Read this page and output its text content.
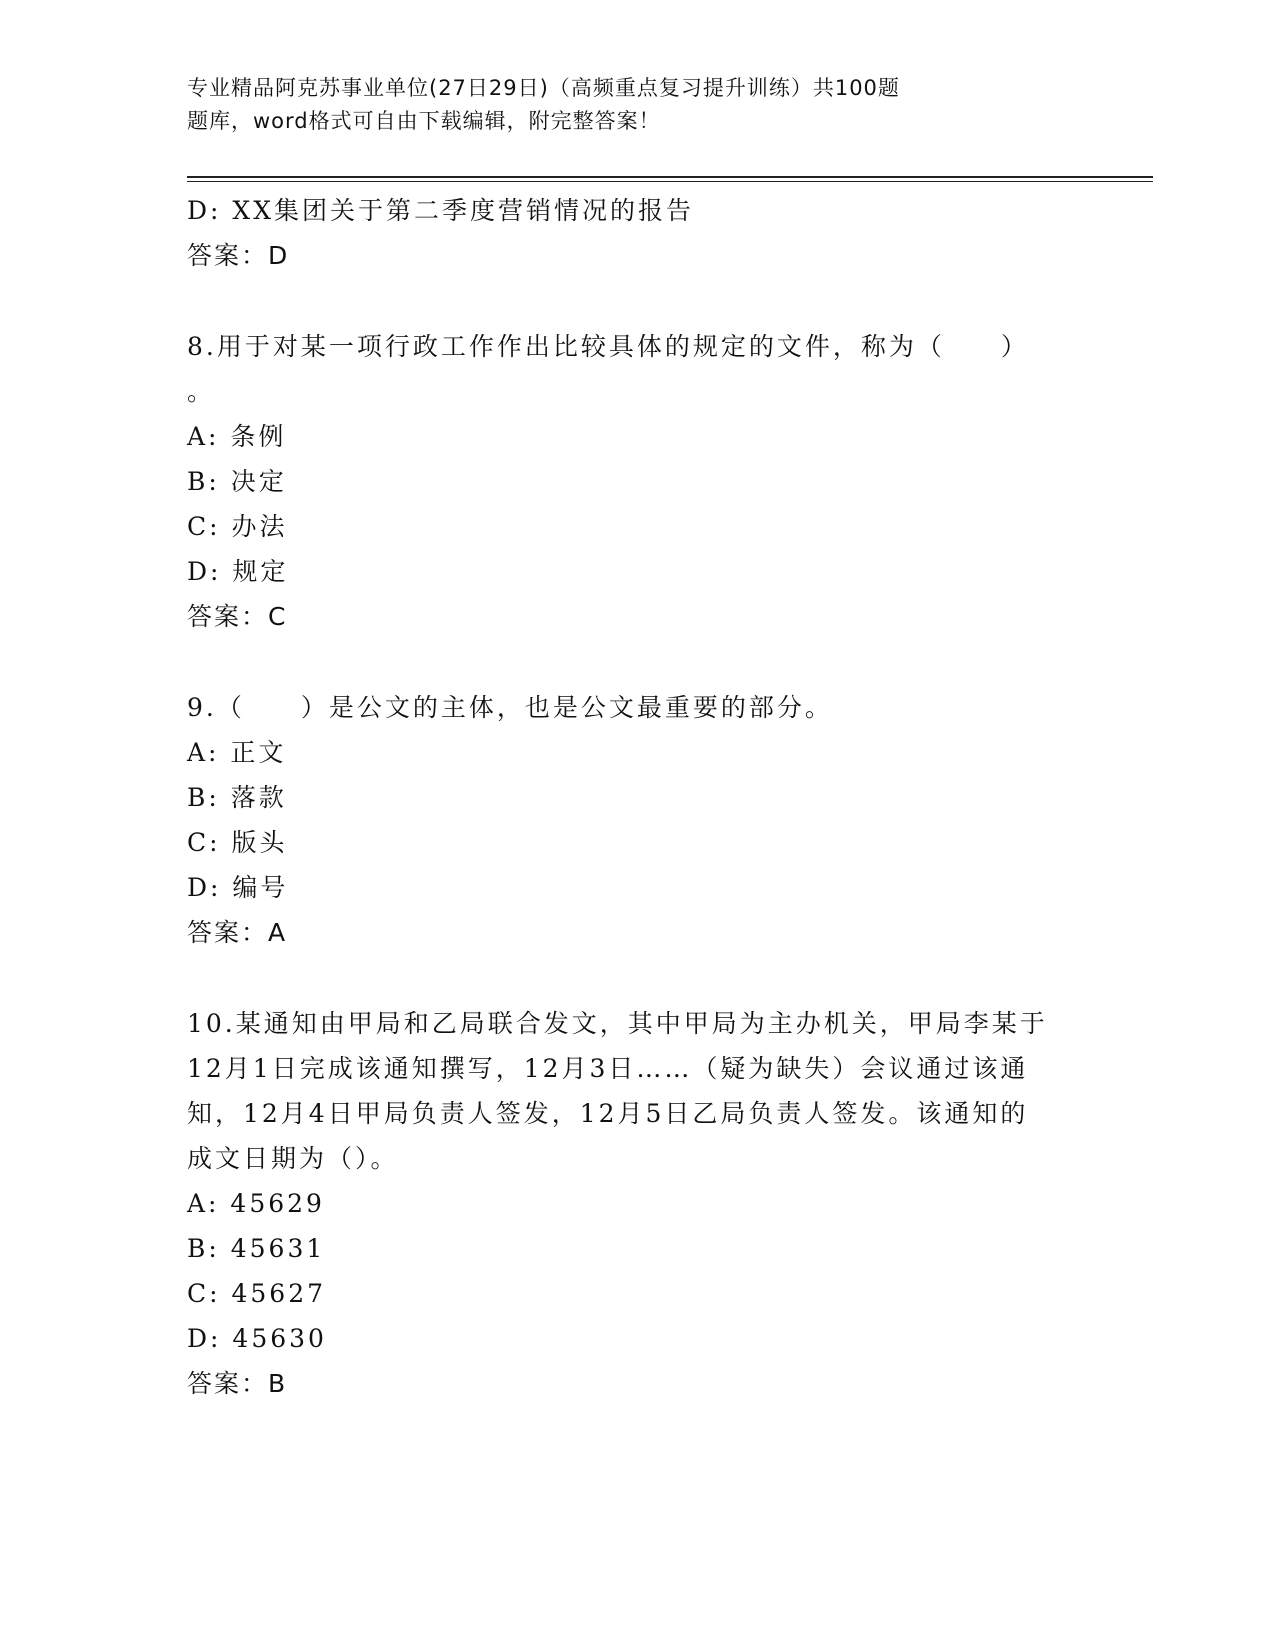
专业精品阿克苏事业单位(27日29日)（高频重点复习提升训练）共100题
题库，word格式可自由下载编辑，附完整答案！
D: XX集团关于第二季度营销情况的报告
答案：D
8.用于对某一项行政工作作出比较具体的规定的文件，称为（　　）
。
A: 条例
B: 决定
C: 办法
D: 规定
答案：C
9.（　　）是公文的主体，也是公文最重要的部分。
A: 正文
B: 落款
C: 版头
D: 编号
答案：A
10.某通知由甲局和乙局联合发文，其中甲局为主办机关，甲局李某于
12月1日完成该通知撰写，12月3日……（疑为缺失）会议通过该通
知，12月4日甲局负责人签发，12月5日乙局负责人签发。该通知的
成文日期为（）。
A: 45629
B: 45631
C: 45627
D: 45630
答案：B
